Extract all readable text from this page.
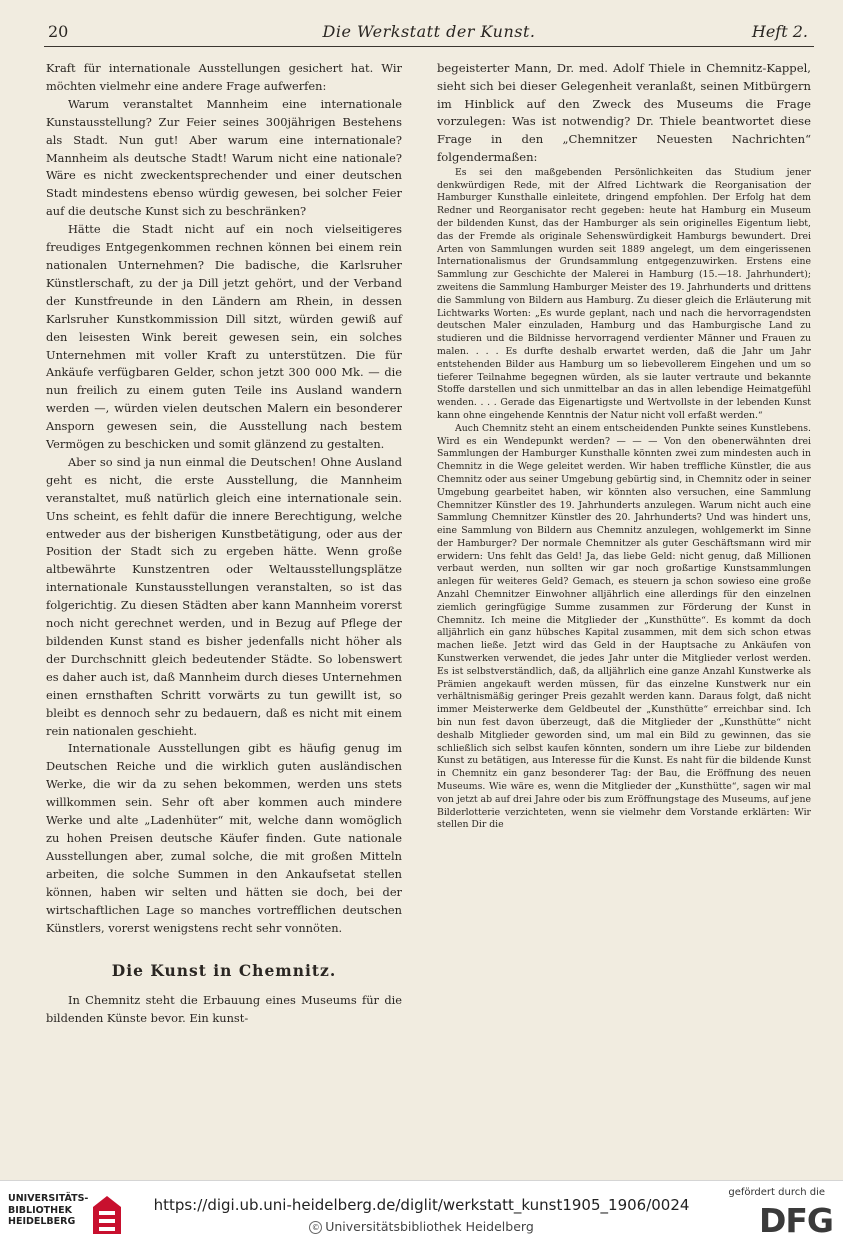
20	Die Werkstatt der Kunst.	Heft 2.

Kraft für internationale Ausstellungen gesichert hat. Wir möchten vielmehr eine andere Frage aufwerfen:

Warum veranstaltet Mannheim eine internationale Kunstausstellung? Zur Feier seines 300jährigen Bestehens als Stadt. Nun gut! Aber warum eine internationale? Mannheim als deutsche Stadt! Warum nicht eine nationale? Wäre es nicht zweckentsprechender und einer deutschen Stadt mindestens ebenso würdig gewesen, bei solcher Feier auf die deutsche Kunst sich zu beschränken?

Hätte die Stadt nicht auf ein noch vielseitigeres freudiges Entgegenkommen rechnen können bei einem rein nationalen Unternehmen? Die badische, die Karlsruher Künstlerschaft, zu der ja Dill jetzt gehört, und der Verband der Kunstfreunde in den Ländern am Rhein, in dessen Karlsruher Kunstkommission Dill sitzt, würden gewiß auf den leisesten Wink bereit gewesen sein, ein solches Unternehmen mit voller Kraft zu unterstützen. Die für Ankäufe verfügbaren Gelder, schon jetzt 300 000 Mk. — die nun freilich zu einem guten Teile ins Ausland wandern werden —, würden vielen deutschen Malern ein besonderer Ansporn gewesen sein, die Ausstellung nach bestem Vermögen zu beschicken und somit glänzend zu gestalten.

Aber so sind ja nun einmal die Deutschen! Ohne Ausland geht es nicht, die erste Ausstellung, die Mannheim veranstaltet, muß natürlich gleich eine internationale sein. Uns scheint, es fehlt dafür die innere Berechtigung, welche entweder aus der bisherigen Kunstbetätigung, oder aus der Position der Stadt sich zu ergeben hätte. Wenn große altbewährte Kunstzentren oder Weltausstellungsplätze internationale Kunstausstellungen veranstalten, so ist das folgerichtig. Zu diesen Städten aber kann Mannheim vorerst noch nicht gerechnet werden, und in Bezug auf Pflege der bildenden Kunst stand es bisher jedenfalls nicht höher als der Durchschnitt gleich bedeutender Städte. So lobenswert es daher auch ist, daß Mannheim durch dieses Unternehmen einen ernsthaften Schritt vorwärts zu tun gewillt ist, so bleibt es dennoch sehr zu bedauern, daß es nicht mit einem rein nationalen geschieht.

Internationale Ausstellungen gibt es häufig genug im Deutschen Reiche und die wirklich guten ausländischen Werke, die wir da zu sehen bekommen, werden uns stets willkommen sein. Sehr oft aber kommen auch mindere Werke und alte „Ladenhüter“ mit, welche dann womöglich zu hohen Preisen deutsche Käufer finden. Gute nationale Ausstellungen aber, zumal solche, die mit großen Mitteln arbeiten, die solche Summen in den Ankaufsetat stellen können, haben wir selten und hätten sie doch, bei der wirtschaftlichen Lage so manches vortrefflichen deutschen Künstlers, vorerst wenigstens recht sehr vonnöten.

Die Kunst in Chemnitz.

In Chemnitz steht die Erbauung eines Museums für die bildenden Künste bevor. Ein kunst-

begeisterter Mann, Dr. med. Adolf Thiele in Chemnitz-Kappel, sieht sich bei dieser Gelegenheit veranlaßt, seinen Mitbürgern im Hinblick auf den Zweck des Museums die Frage vorzulegen: Was ist notwendig? Dr. Thiele beantwortet diese Frage in den „Chemnitzer Neuesten Nachrichten“ folgendermaßen:

Es sei den maßgebenden Persönlichkeiten das Studium jener denkwürdigen Rede, mit der Alfred Lichtwark die Reorganisation der Hamburger Kunsthalle einleitete, dringend empfohlen. Der Erfolg hat dem Redner und Reorganisator recht gegeben: heute hat Hamburg ein Museum der bildenden Kunst, das der Hamburger als sein originelles Eigentum liebt, das der Fremde als originale Sehenswürdigkeit Hamburgs bewundert. Drei Arten von Sammlungen wurden seit 1889 angelegt, um dem eingerissenen Internationalismus der Grundsammlung entgegenzuwirken. Erstens eine Sammlung zur Geschichte der Malerei in Hamburg (15.—18. Jahrhundert); zweitens die Sammlung Hamburger Meister des 19. Jahrhunderts und drittens die Sammlung von Bildern aus Hamburg. Zu dieser gleich die Erläuterung mit Lichtwarks Worten: „Es wurde geplant, nach und nach die hervorragendsten deutschen Maler einzuladen, Hamburg und das Hamburgische Land zu studieren und die Bildnisse hervorragend verdienter Männer und Frauen zu malen. . . . Es durfte deshalb erwartet werden, daß die Jahr um Jahr entstehenden Bilder aus Hamburg um so liebevollerem Eingehen und um so tieferer Teilnahme begegnen würden, als sie lauter vertraute und bekannte Stoffe darstellen und sich unmittelbar an das in allen lebendige Heimatgefühl wenden. . . . Gerade das Eigenartigste und Wertvollste in der lebenden Kunst kann ohne eingehende Kenntnis der Natur nicht voll erfaßt werden.“

Auch Chemnitz steht an einem entscheidenden Punkte seines Kunstlebens. Wird es ein Wendepunkt werden? — — — Von den obenerwähnten drei Sammlungen der Hamburger Kunsthalle könnten zwei zum mindesten auch in Chemnitz in die Wege geleitet werden. Wir haben treffliche Künstler, die aus Chemnitz oder aus seiner Umgebung gebürtig sind, in Chemnitz oder in seiner Umgebung gearbeitet haben, wir könnten also versuchen, eine Sammlung Chemnitzer Künstler des 19. Jahrhunderts anzulegen. Warum nicht auch eine Sammlung Chemnitzer Künstler des 20. Jahrhunderts? Und was hindert uns, eine Sammlung von Bildern aus Chemnitz anzulegen, wohlgemerkt im Sinne der Hamburger? Der normale Chemnitzer als guter Geschäftsmann wird mir erwidern: Uns fehlt das Geld! Ja, das liebe Geld: nicht genug, daß Millionen verbaut werden, nun sollten wir gar noch großartige Kunstsammlungen anlegen für weiteres Geld? Gemach, es steuern ja schon sowieso eine große Anzahl Chemnitzer Einwohner alljährlich eine allerdings für den einzelnen ziemlich geringfügige Summe zusammen zur Förderung der Kunst in Chemnitz. Ich meine die Mitglieder der „Kunsthütte“. Es kommt da doch alljährlich ein ganz hübsches Kapital zusammen, mit dem sich schon etwas machen ließe. Jetzt wird das Geld in der Hauptsache zu Ankäufen von Kunstwerken verwendet, die jedes Jahr unter die Mitglieder verlost werden. Es ist selbstverständlich, daß, da alljährlich eine ganze Anzahl Kunstwerke als Prämien angekauft werden müssen, für das einzelne Kunstwerk nur ein verhältnismäßig geringer Preis gezahlt werden kann. Daraus folgt, daß nicht immer Meisterwerke dem Geldbeutel der „Kunsthütte“ erreichbar sind. Ich bin nun fest davon überzeugt, daß die Mitglieder der „Kunsthütte“ nicht deshalb Mitglieder geworden sind, um mal ein Bild zu gewinnen, das sie schließlich sich selbst kaufen könnten, sondern um ihre Liebe zur bildenden Kunst zu betätigen, aus Interesse für die Kunst. Es naht für die bildende Kunst in Chemnitz ein ganz besonderer Tag: der Bau, die Eröffnung des neuen Museums. Wie wäre es, wenn die Mitglieder der „Kunsthütte“, sagen wir mal von jetzt ab auf drei Jahre oder bis zum Eröffnungstage des Museums, auf jene Bilderlotterie verzichteten, wenn sie vielmehr dem Vorstande erklärten: Wir stellen Dir die

UNIVERSITÄTS-
BIBLIOTHEK
HEIDELBERG
https://digi.ub.uni-heidelberg.de/diglit/werkstatt_kunst1905_1906/0024
© Universitätsbibliothek Heidelberg
gefördert durch die
DFG
